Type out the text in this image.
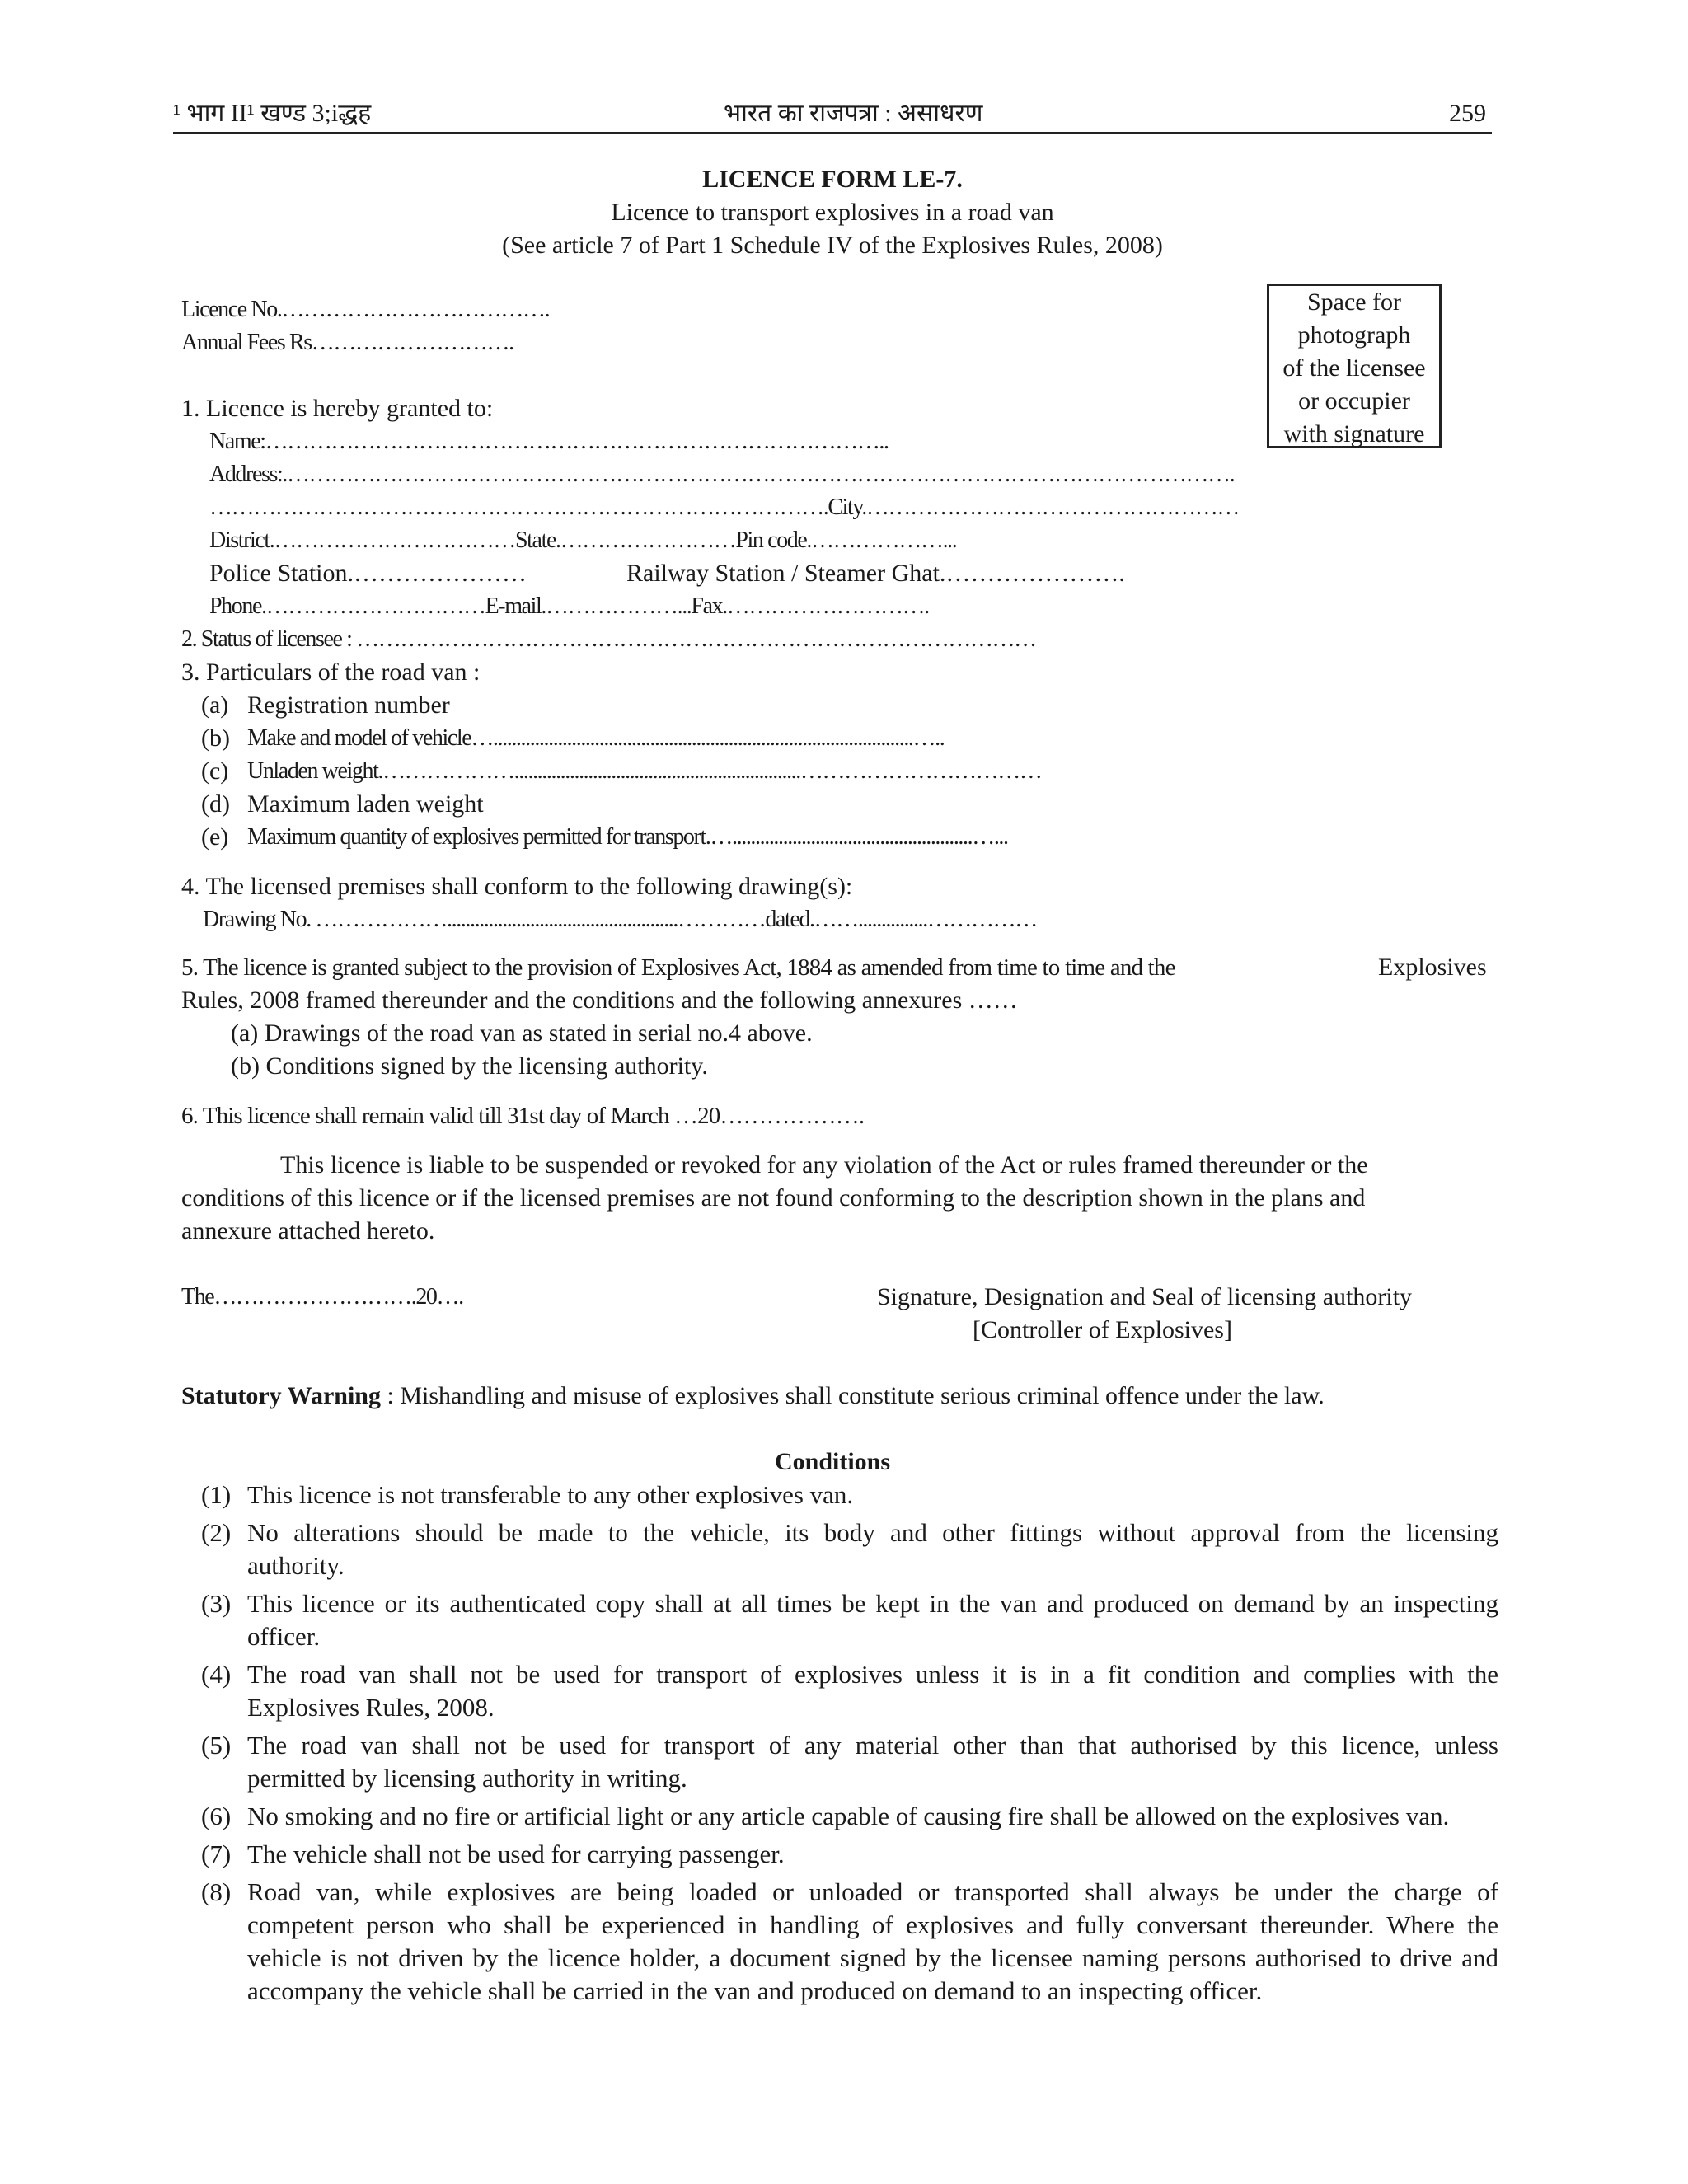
¹ भाग II¹ खण्ड 3;iद्धह	भारत का राजपत्रा : असाधरण	259
LICENCE FORM LE-7.
Licence to transport explosives in a road van
(See article 7 of Part 1 Schedule IV of the Explosives Rules, 2008)
Space for
photograph
of the licensee
or occupier
with signature
Licence No.……………………………….
Annual Fees Rs……………………….
1. Licence is hereby granted to:
Name:…………………………………………………………………………..
Address:.………………………………………………………………………………………………………………….
………………………………………………………………………….City.……………………………………………
District.……………………………State.……………………Pin code.………………...
Police Station.…………………	Railway Station / Steamer Ghat.………………….
Phone.…………………………E-mail.………………...Fax.……………………….
2. Status of licensee : …………………………………………………………………………………
3. Particulars of the road van :
(a) Registration number
(b) Make and model of vehicle…...........................................................................................…..
(c) Unladen weight.………………..............................................................……………………………
(d) Maximum laden weight
(e) Maximum quantity of explosives permitted for transport.…....................................................…...
4. The licensed premises shall conform to the following drawing(s):
Drawing No. ………………..................................................…………dated.……...............……………
5. The licence is granted subject to the provision of Explosives Act, 1884 as amended from time to time and the	Explosives
Rules, 2008 framed thereunder and the conditions and the following annexures ……
(a) Drawings of the road van as stated in serial no.4 above.
(b) Conditions signed by the licensing authority.
6. This licence shall remain valid till 31st day of March …20……………….
This licence is liable to be suspended or revoked for any violation of the Act or rules framed thereunder or the
conditions of this licence or if the licensed premises are not found conforming to the description shown in the plans and
annexure attached hereto.
The……………………….20….	Signature, Designation and Seal of licensing authority
[Controller of Explosives]
Statutory Warning : Mishandling and misuse of explosives shall constitute serious criminal offence under the law.
Conditions
(1) This licence is not transferable to any other explosives van.
(2) No alterations should be made to the vehicle, its body and other fittings without approval from the licensing
authority.
(3) This licence or its authenticated copy shall at all times be kept in the van and produced on demand by an inspecting
officer.
(4) The road van shall not be used for transport of explosives unless it is in a fit condition and complies with the
Explosives Rules, 2008.
(5) The road van shall not be used for transport of any material other than that authorised by this licence, unless
permitted by licensing authority in writing.
(6) No smoking and no fire or artificial light or any article capable of causing fire shall be allowed on the explosives van.
(7) The vehicle shall not be used for carrying passenger.
(8) Road van, while explosives are being loaded or unloaded or transported shall always be under the charge of
competent person who shall be experienced in handling of explosives and fully conversant thereunder. Where the
vehicle is not driven by the licence holder, a document signed by the licensee naming persons authorised to drive and
accompany the vehicle shall be carried in the van and produced on demand to an inspecting officer.
